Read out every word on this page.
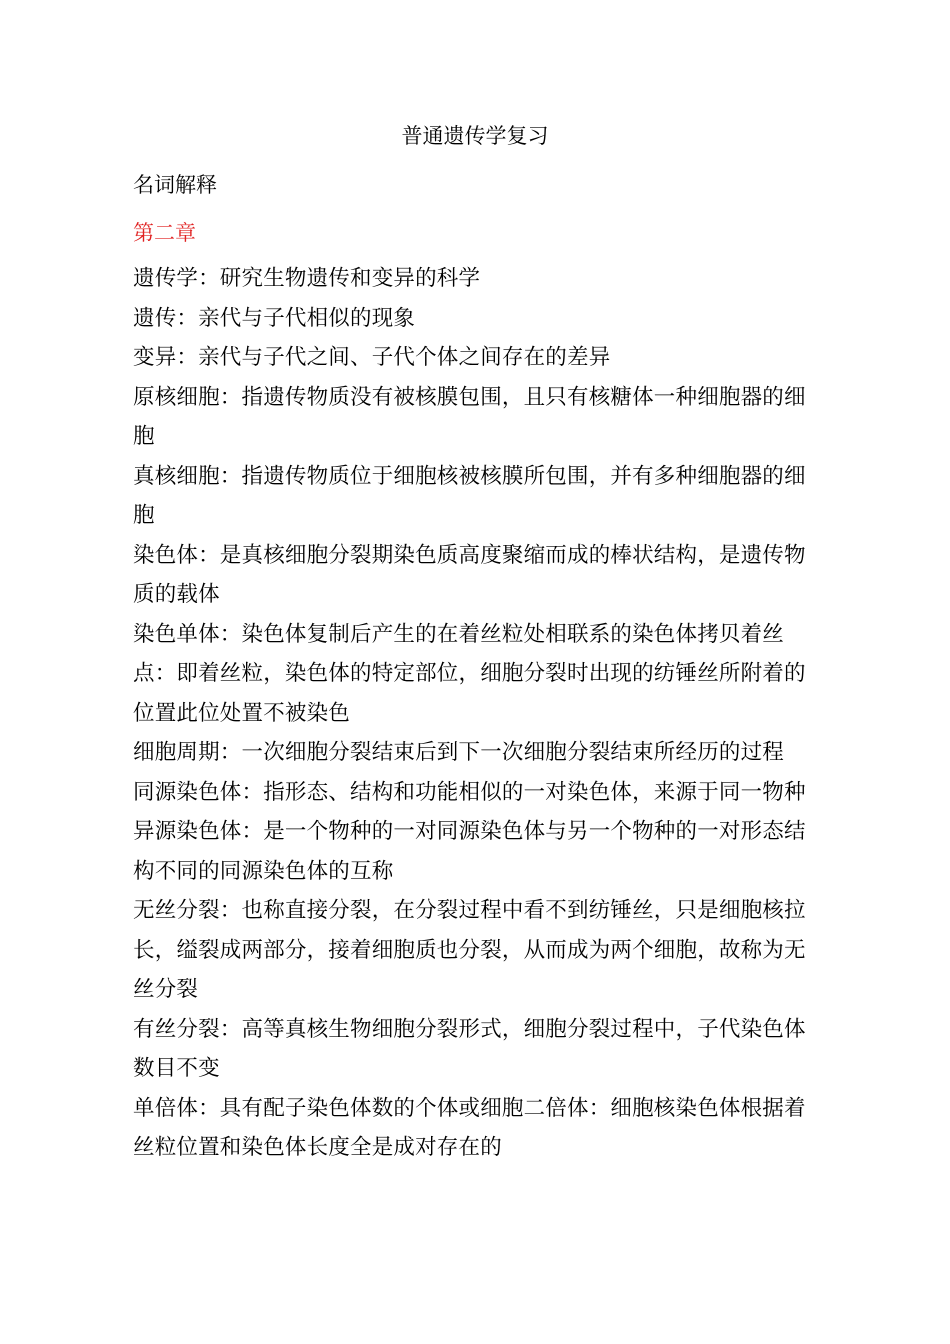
普通遗传学复习
名词解释
第二章

遗传学：研究生物遗传和变异的科学

遗传：亲代与子代相似的现象

变异：亲代与子代之间、子代个体之间存在的差异

原核细胞：指遗传物质没有被核膜包围，且只有核糖体一种细胞器的细胞

真核细胞：指遗传物质位于细胞核被核膜所包围，并有多种细胞器的细胞

染色体：是真核细胞分裂期染色质高度聚缩而成的棒状结构，是遗传物质的载体

染色单体：染色体复制后产生的在着丝粒处相联系的染色体拷贝着丝点：即着丝粒，染色体的特定部位，细胞分裂时出现的纺锤丝所附着的位置此位处置不被染色

细胞周期：一次细胞分裂结束后到下一次细胞分裂结束所经历的过程

同源染色体：指形态、结构和功能相似的一对染色体，来源于同一物种

异源染色体：是一个物种的一对同源染色体与另一个物种的一对形态结构不同的同源染色体的互称

无丝分裂：也称直接分裂，在分裂过程中看不到纺锤丝，只是细胞核拉长，缢裂成两部分，接着细胞质也分裂，从而成为两个细胞，故称为无丝分裂

有丝分裂：高等真核生物细胞分裂形式，细胞分裂过程中，子代染色体数目不变

单倍体：具有配子染色体数的个体或细胞二倍体：细胞核染色体根据着丝粒位置和染色体长度全是成对存在的
